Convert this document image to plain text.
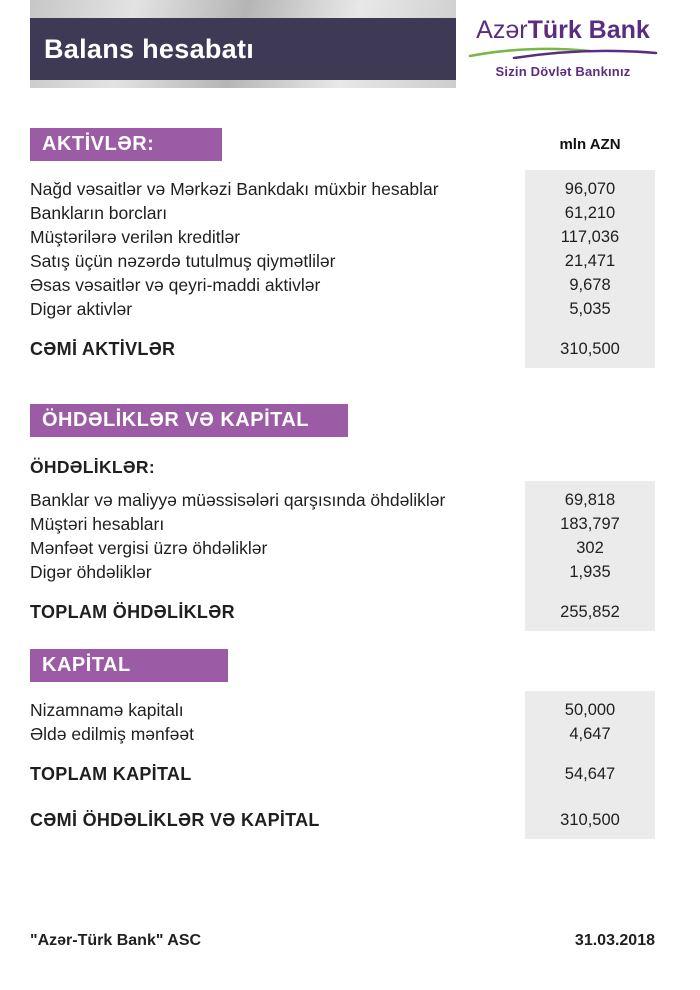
Balans hesabatı
AzərTürk Bank
Sizin Dövlət Bankınız
AKTİVLƏR:	mln AZN
Nağd vəsaitlər və Mərkəzi Bankdakı müxbir hesablar	96,070
Bankların borcları	61,210
Müştərilərə verilən kreditlər	117,036
Satış üçün nəzərdə tutulmuş qiymətlilər	21,471
Əsas vəsaitlər və qeyri-maddi aktivlər	9,678
Digər aktivlər	5,035
CƏMİ AKTİVLƏR	310,500
ÖHDƏLİKLƏR VƏ KAPİTAL
ÖHDƏLİKLƏR:
Banklar və maliyyə müəssisələri qarşısında öhdəliklər	69,818
Müştəri hesabları	183,797
Mənfəət vergisi üzrə öhdəliklər	302
Digər öhdəliklər	1,935
TOPLAM ÖHDƏLİKLƏR	255,852
KAPİTAL
Nizamnamə kapitalı	50,000
Əldə edilmiş mənfəət	4,647
TOPLAM KAPİTAL	54,647
CƏMİ ÖHDƏLİKLƏR VƏ KAPİTAL	310,500
"Azər-Türk Bank" ASC	31.03.2018
